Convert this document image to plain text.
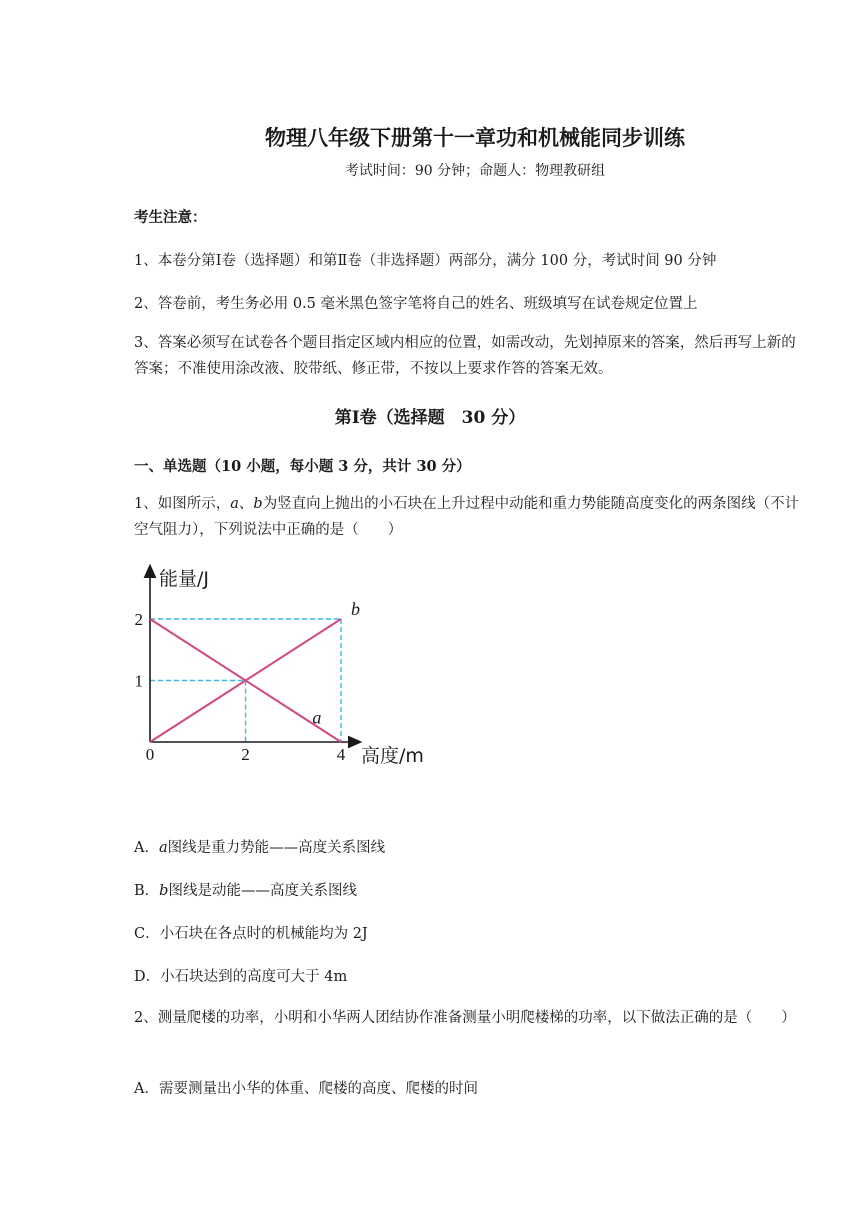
物理八年级下册第十一章功和机械能同步训练
考试时间：90 分钟；命题人：物理教研组
考生注意：
1、本卷分第Ⅰ卷（选择题）和第Ⅱ卷（非选择题）两部分，满分 100 分，考试时间 90 分钟
2、答卷前，考生务必用 0.5 毫米黑色签字笔将自己的姓名、班级填写在试卷规定位置上
3、答案必须写在试卷各个题目指定区域内相应的位置，如需改动，先划掉原来的答案，然后再写上新的答案；不准使用涂改液、胶带纸、修正带，不按以上要求作答的答案无效。
第Ⅰ卷（选择题　30 分）
一、单选题（10 小题，每小题 3 分，共计 30 分）
1、如图所示，a、b为竖直向上抛出的小石块在上升过程中动能和重力势能随高度变化的两条图线（不计空气阻力），下列说法中正确的是（　　）
0	2	4
1
2
能量/J
高度/m
b
a
A．a图线是重力势能——高度关系图线
B．b图线是动能——高度关系图线
C．小石块在各点时的机械能均为 2J
D．小石块达到的高度可大于 4m
2、测量爬楼的功率，小明和小华两人团结协作准备测量小明爬楼梯的功率，以下做法正确的是（　　）
A．需要测量出小华的体重、爬楼的高度、爬楼的时间
